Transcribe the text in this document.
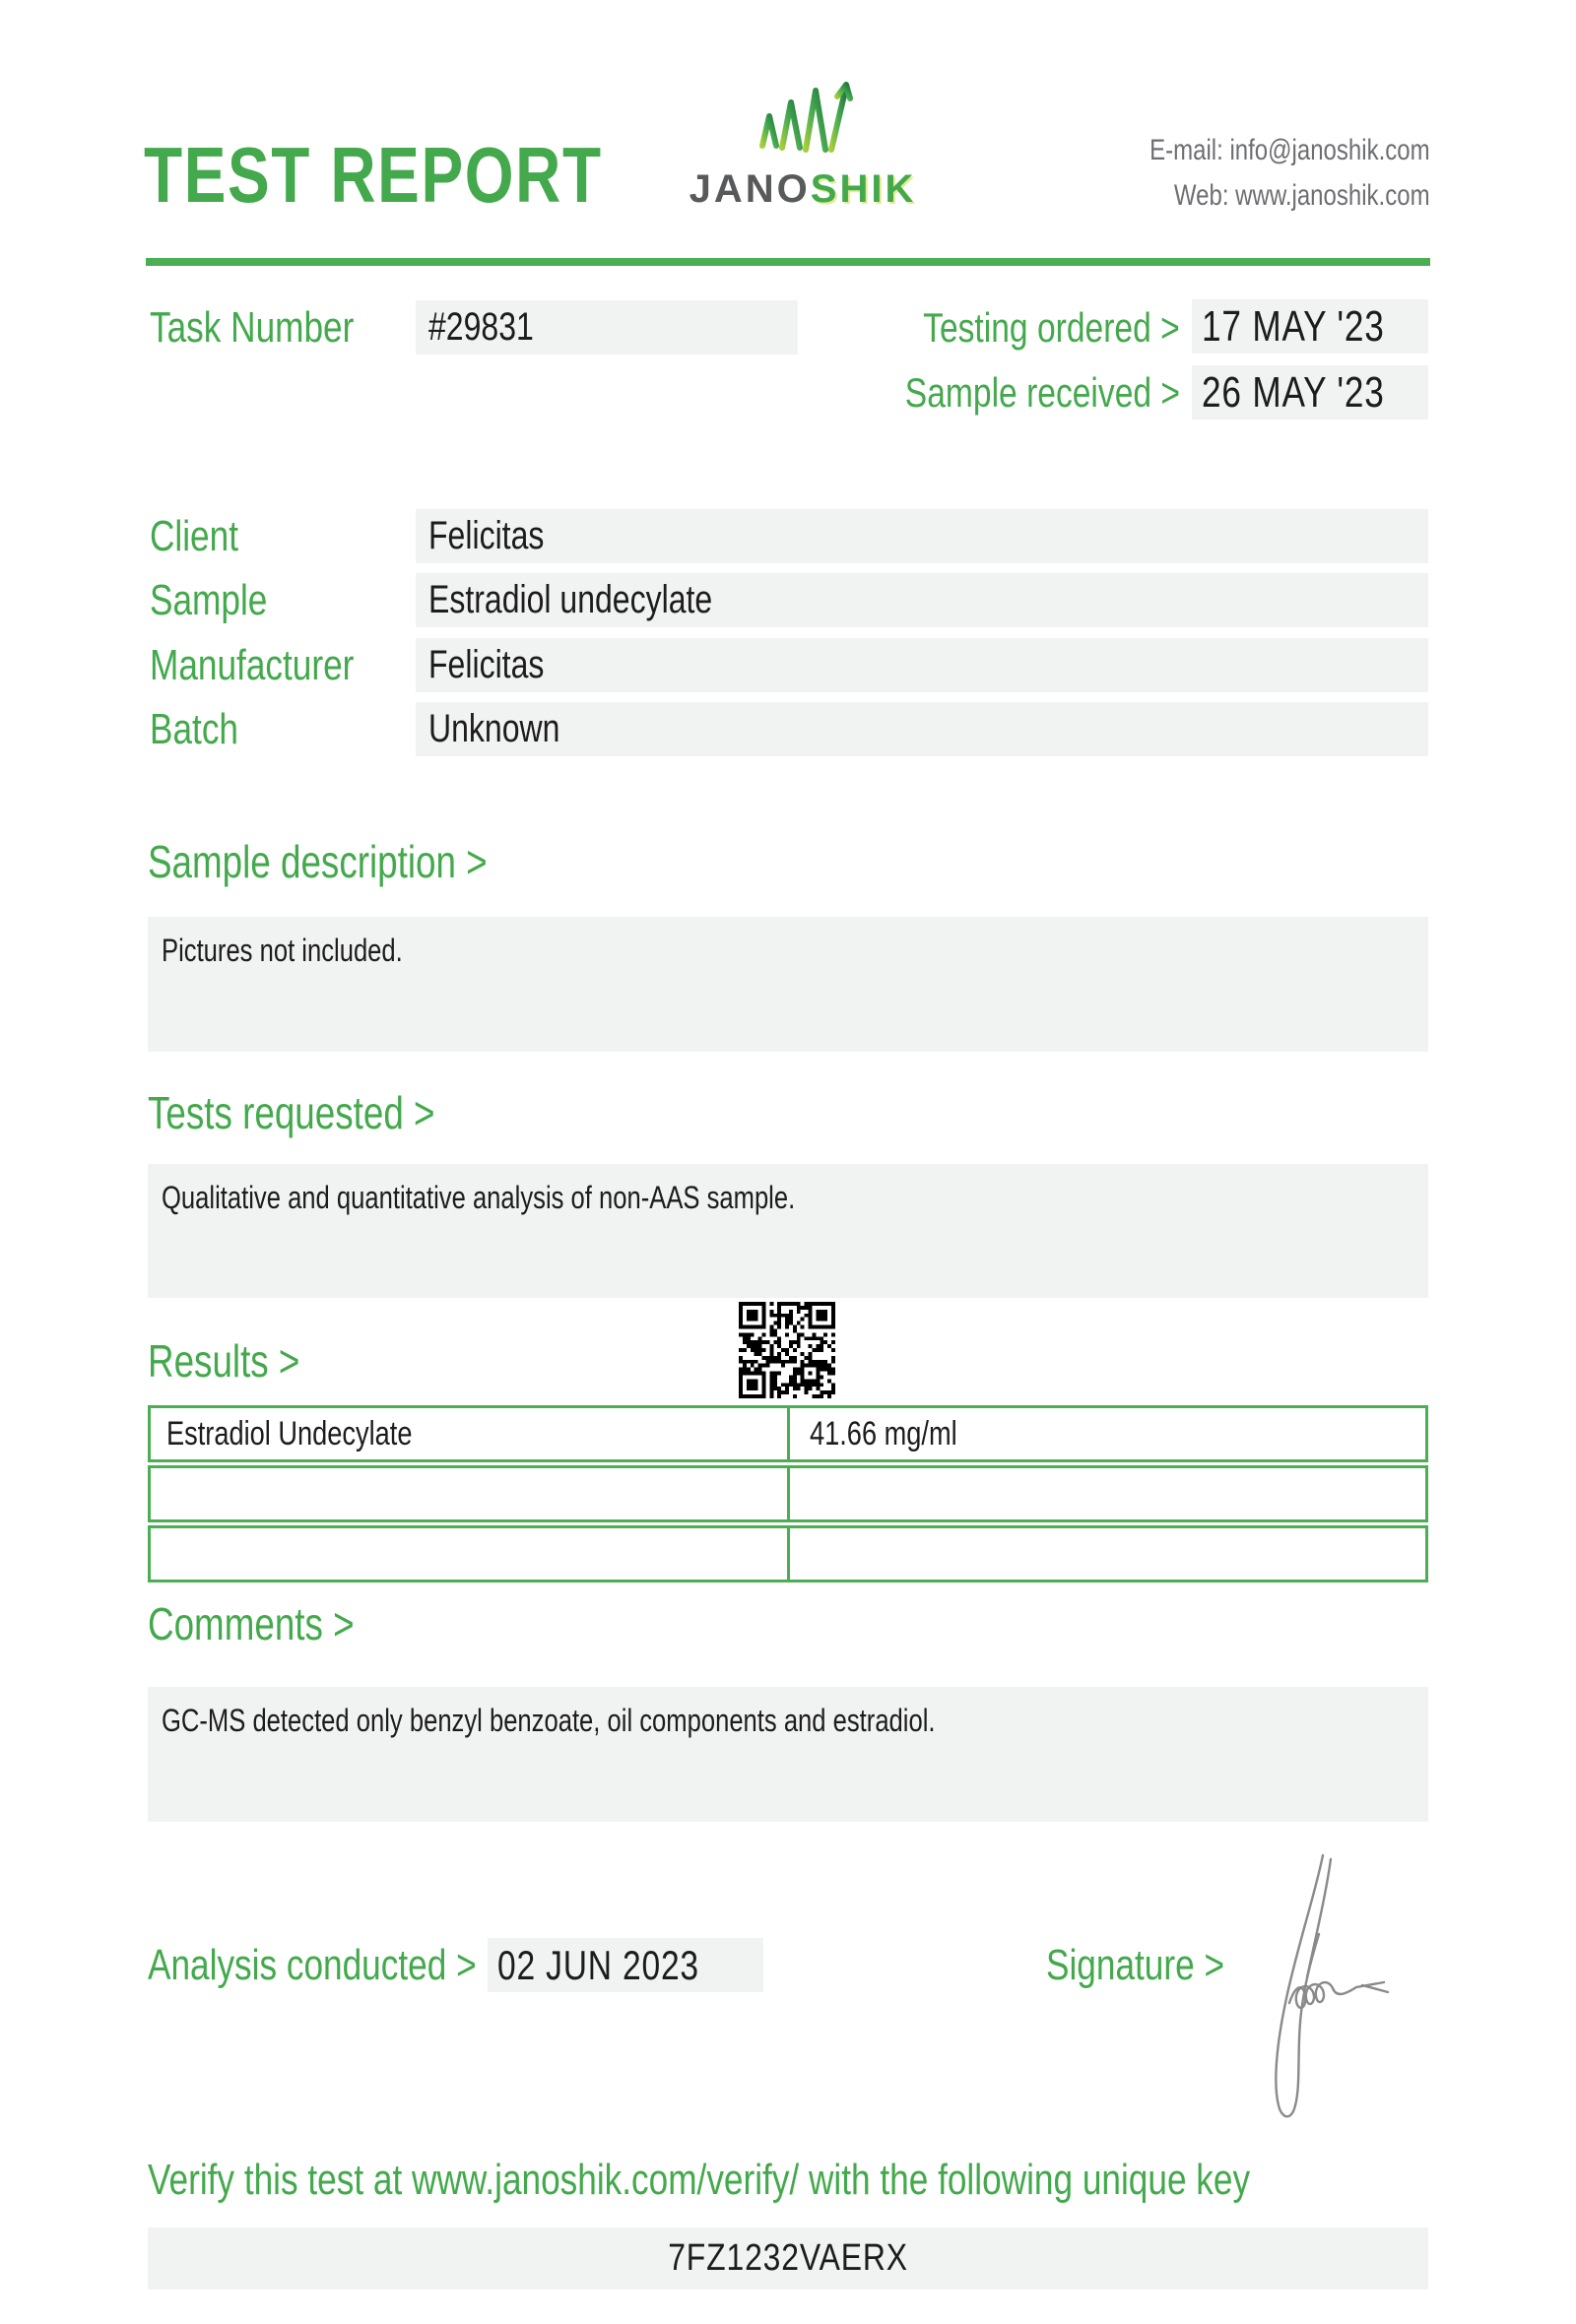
TEST REPORT	JANOSHIK
E-mail: info@janoshik.com
Web: www.janoshik.com
Task Number	#29831	Testing ordered > 17 MAY '23
Sample received > 26 MAY '23
Client	Felicitas
Sample	Estradiol undecylate
Manufacturer	Felicitas
Batch	Unknown
Sample description >
Pictures not included.
Tests requested >
Qualitative and quantitative analysis of non-AAS sample.
Results >
Estradiol Undecylate	41.66 mg/ml
Comments >
GC-MS detected only benzyl benzoate, oil components and estradiol.
Analysis conducted > 02 JUN 2023	Signature >
Verify this test at www.janoshik.com/verify/ with the following unique key
7FZ1232VAERX
